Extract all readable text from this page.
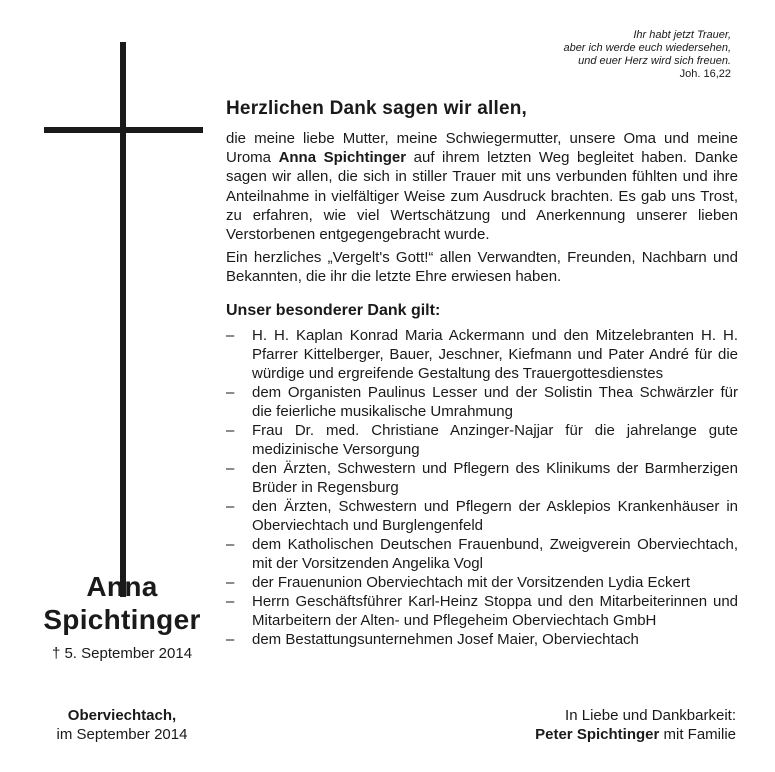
Ihr habt jetzt Trauer,
aber ich werde euch wiedersehen,
und euer Herz wird sich freuen.
Joh. 16,22
Herzlichen Dank sagen wir allen,
die meine liebe Mutter, meine Schwiegermutter, unsere Oma und meine Uroma Anna Spichtinger auf ihrem letzten Weg begleitet haben. Danke sagen wir allen, die sich in stiller Trauer mit uns verbunden fühlten und ihre Anteilnahme in vielfältiger Weise zum Ausdruck brachten. Es gab uns Trost, zu erfahren, wie viel Wertschätzung und Anerkennung unserer lieben Verstorbenen entgegengebracht wurde.
Ein herzliches „Vergelt's Gott!“ allen Verwandten, Freunden, Nachbarn und Bekannten, die ihr die letzte Ehre erwiesen haben.
Unser besonderer Dank gilt:
– H. H. Kaplan Konrad Maria Ackermann und den Mitzelebranten H. H. Pfarrer Kittelberger, Bauer, Jeschner, Kiefmann und Pater André für die würdige und ergreifende Gestaltung des Trauergottesdienstes
– dem Organisten Paulinus Lesser und der Solistin Thea Schwärzler für die feierliche musikalische Umrahmung
– Frau Dr. med. Christiane Anzinger-Najjar für die jahrelange gute medizinische Versorgung
– den Ärzten, Schwestern und Pflegern des Klinikums der Barmherzigen Brüder in Regensburg
– den Ärzten, Schwestern und Pflegern der Asklepios Krankenhäuser in Oberviechtach und Burglengenfeld
– dem Katholischen Deutschen Frauenbund, Zweigverein Oberviechtach, mit der Vorsitzenden Angelika Vogl
– der Frauenunion Oberviechtach mit der Vorsitzenden Lydia Eckert
– Herrn Geschäftsführer Karl-Heinz Stoppa und den Mitarbeiterinnen und Mitarbeitern der Alten- und Pflegeheim Oberviechtach GmbH
– dem Bestattungsunternehmen Josef Maier, Oberviechtach
Anna
Spichtinger
† 5. September 2014
Oberviechtach,
im September 2014
In Liebe und Dankbarkeit:
Peter Spichtinger mit Familie
